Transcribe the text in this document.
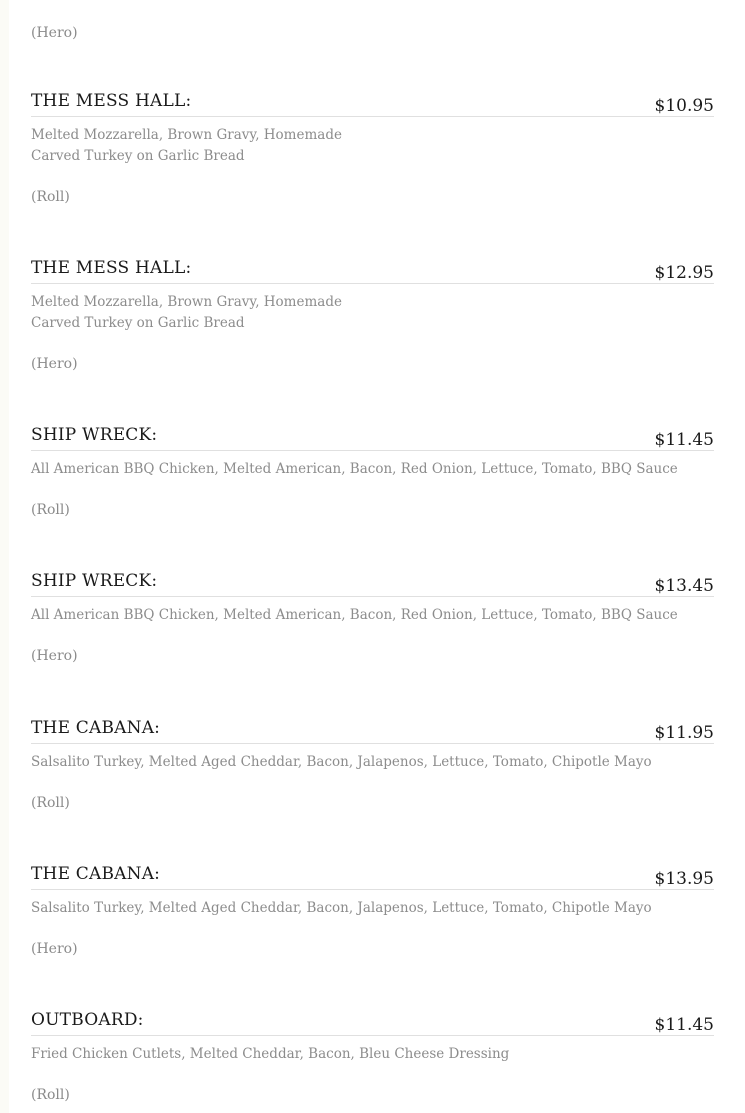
(Hero)
THE MESS HALL:	$10.95
Melted Mozzarella, Brown Gravy, Homemade Carved Turkey on Garlic Bread
(Roll)
THE MESS HALL:	$12.95
Melted Mozzarella, Brown Gravy, Homemade Carved Turkey on Garlic Bread
(Hero)
SHIP WRECK:	$11.45
All American BBQ Chicken, Melted American, Bacon, Red Onion, Lettuce, Tomato, BBQ Sauce
(Roll)
SHIP WRECK:	$13.45
All American BBQ Chicken, Melted American, Bacon, Red Onion, Lettuce, Tomato, BBQ Sauce
(Hero)
THE CABANA:	$11.95
Salsalito Turkey, Melted Aged Cheddar, Bacon, Jalapenos, Lettuce, Tomato, Chipotle Mayo
(Roll)
THE CABANA:	$13.95
Salsalito Turkey, Melted Aged Cheddar, Bacon, Jalapenos, Lettuce, Tomato, Chipotle Mayo
(Hero)
OUTBOARD:	$11.45
Fried Chicken Cutlets, Melted Cheddar, Bacon, Bleu Cheese Dressing
(Roll)
